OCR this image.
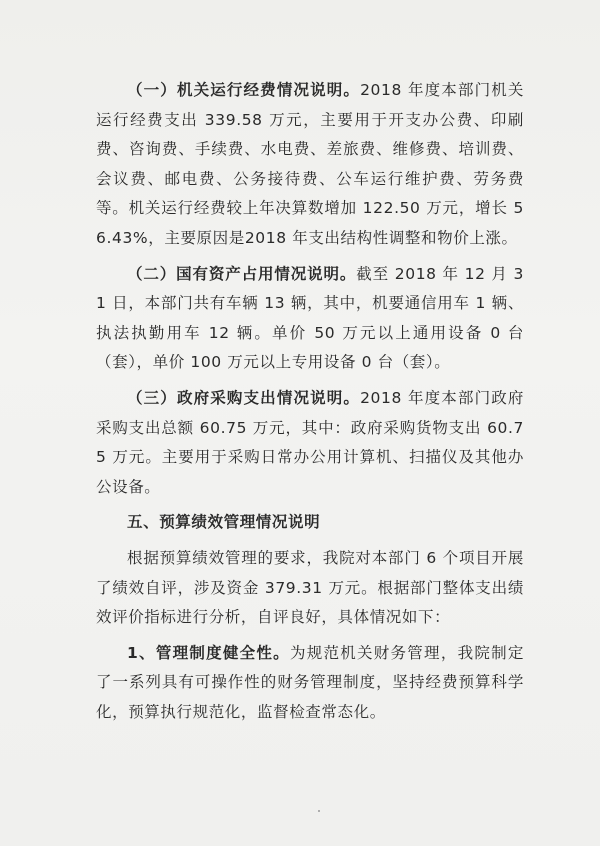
（一）机关运行经费情况说明。2018 年度本部门机关运行经费支出 339.58 万元，主要用于开支办公费、印刷费、咨询费、手续费、水电费、差旅费、维修费、培训费、会议费、邮电费、公务接待费、公车运行维护费、劳务费等。机关运行经费较上年决算数增加 122.50 万元，增长 56.43%，主要原因是2018 年支出结构性调整和物价上涨。

（二）国有资产占用情况说明。截至 2018 年 12 月 31 日，本部门共有车辆 13 辆，其中，机要通信用车 1 辆、执法执勤用车 12 辆。单价 50 万元以上通用设备 0 台（套），单价 100 万元以上专用设备 0 台（套）。

（三）政府采购支出情况说明。2018 年度本部门政府采购支出总额 60.75 万元，其中：政府采购货物支出 60.75 万元。主要用于采购日常办公用计算机、扫描仪及其他办公设备。

五、预算绩效管理情况说明

根据预算绩效管理的要求，我院对本部门 6 个项目开展了绩效自评，涉及资金 379.31 万元。根据部门整体支出绩效评价指标进行分析，自评良好，具体情况如下：

1、管理制度健全性。为规范机关财务管理，我院制定了一系列具有可操作性的财务管理制度，坚持经费预算科学化，预算执行规范化，监督检查常态化。
